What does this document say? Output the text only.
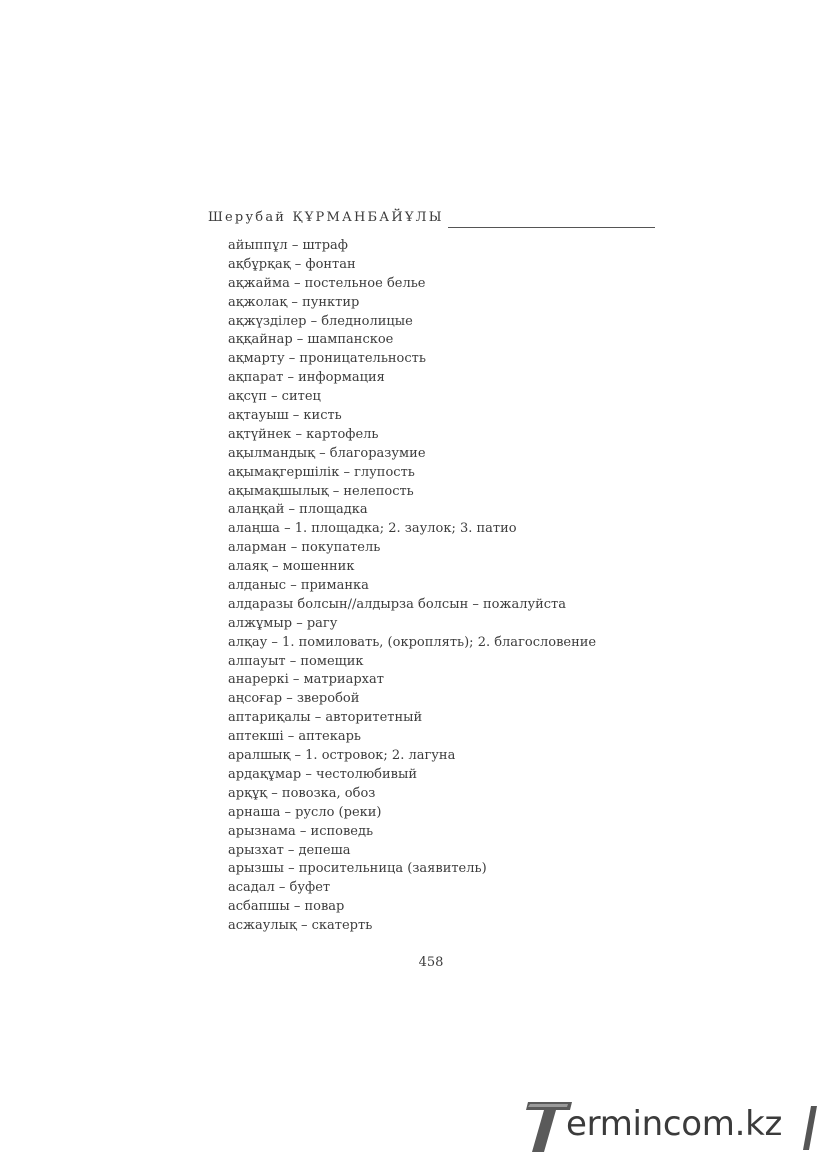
Шерубай ҚҰРМАНБАЙҰЛЫ
айыппұл – штраф
ақбұрқақ – фонтан
ақжайма – постельное белье
ақжолақ – пунктир
ақжүзділер – бледнолицые
аққайнар – шампанское
ақмарту – проницательность
ақпарат – информация
ақсүп – ситец
ақтауыш – кисть
ақтүйнек – картофель
ақылмандық – благоразумие
ақымақгершілік – глупость
ақымақшылық – нелепость
алаңқай – площадка
алаңша – 1. площадка; 2. заулок; 3. патио
аларман – покупатель
алаяқ – мошенник
алданыс – приманка
алдаразы болсын//алдырза болсын – пожалуйста
алжұмыр – рагу
алқау – 1. помиловать, (окроплять); 2. благословение
алпауыт – помещик
анареркі – матриархат
аңсоғар – зверобой
аптариқалы – авторитетный
аптекші – аптекарь
аралшық – 1. островок; 2. лагуна
ардақұмар – честолюбивый
арқұқ – повозка, обоз
арнаша – русло (реки)
арызнама – исповедь
арызхат – депеша
арызшы – просительница (заявитель)
асадал – буфет
асбапшы – повар
асжаулық – скатерть
458
ermincom.kz
